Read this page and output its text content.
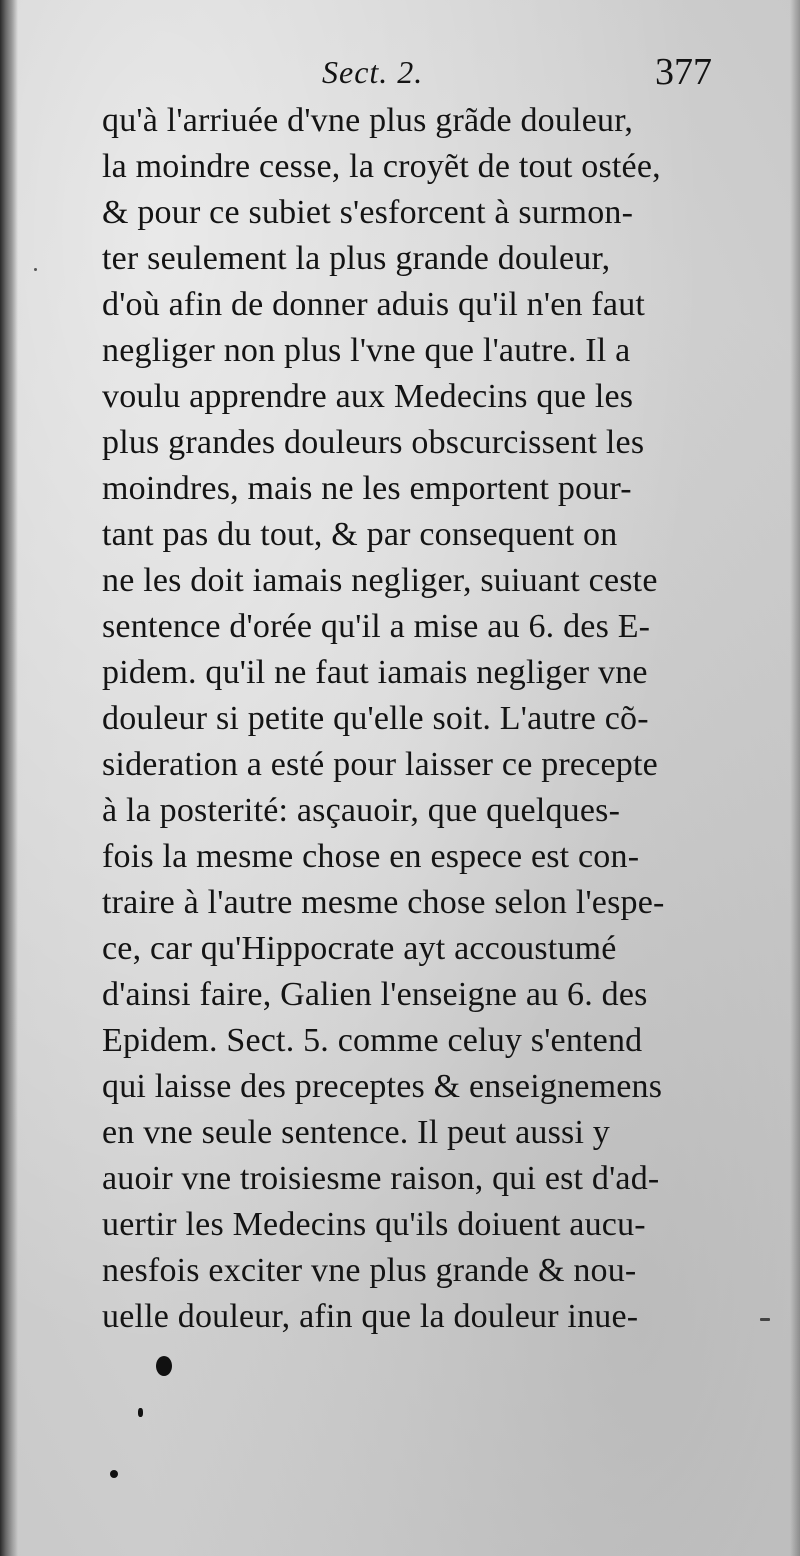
Sect. 2.	377
qu'à l'arriuée d'vne plus grãde douleur,
la moindre cesse, la croyẽt de tout ostée,
& pour ce subiet s'esforcent à surmon-
ter seulement la plus grande douleur,
d'où afin de donner aduis qu'il n'en faut
negliger non plus l'vne que l'autre. Il a
voulu apprendre aux Medecins que les
plus grandes douleurs obscurcissent les
moindres, mais ne les emportent pour-
tant pas du tout, & par consequent on
ne les doit iamais negliger, suiuant ceste
sentence d'orée qu'il a mise au 6. des E-
pidem. qu'il ne faut iamais negliger vne
douleur si petite qu'elle soit. L'autre cõ-
sideration a esté pour laisser ce precepte
à la posterité: asçauoir, que quelques-
fois la mesme chose en espece est con-
traire à l'autre mesme chose selon l'espe-
ce, car qu'Hippocrate ayt accoustumé
d'ainsi faire, Galien l'enseigne au 6. des
Epidem. Sect. 5. comme celuy s'entend
qui laisse des preceptes & enseignemens
en vne seule sentence. Il peut aussi y
auoir vne troisiesme raison, qui est d'ad-
uertir les Medecins qu'ils doiuent aucu-
nesfois exciter vne plus grande & nou-
uelle douleur, afin que la douleur inue-
